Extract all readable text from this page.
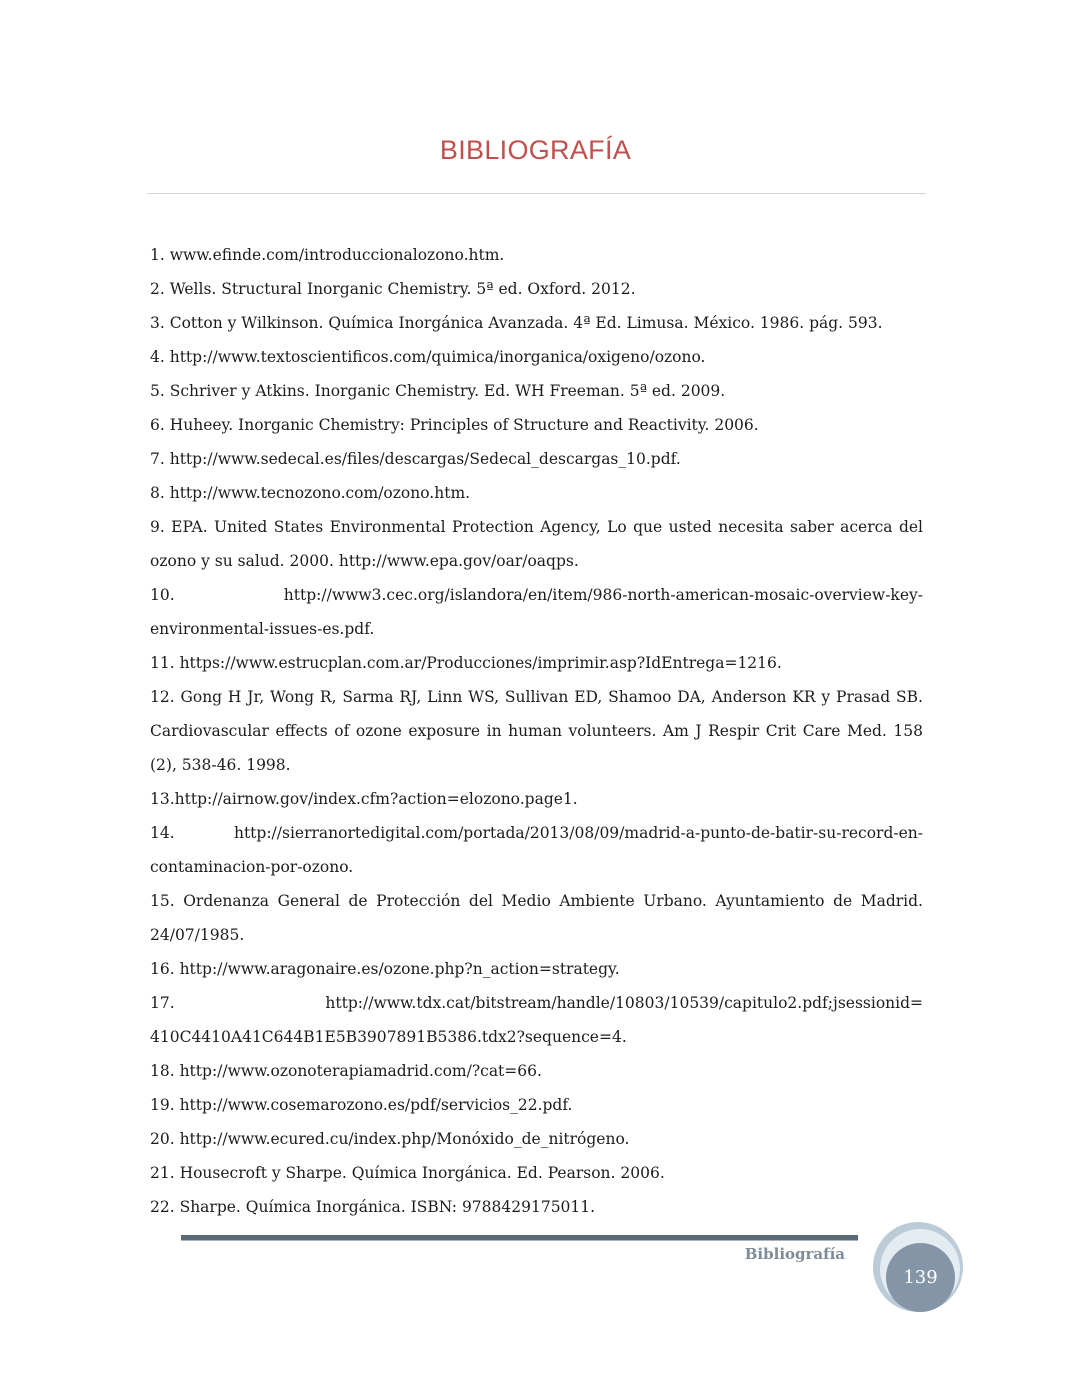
BIBLIOGRAFÍA
1. www.efinde.com/introduccionalozono.htm.
2. Wells. Structural Inorganic Chemistry. 5ª ed. Oxford. 2012.
3. Cotton y Wilkinson. Química Inorgánica Avanzada. 4ª Ed. Limusa. México. 1986. pág. 593.
4. http://www.textoscientificos.com/quimica/inorganica/oxigeno/ozono.
5. Schriver y Atkins. Inorganic Chemistry. Ed. WH Freeman. 5ª ed. 2009.
6. Huheey. Inorganic Chemistry: Principles of Structure and Reactivity. 2006.
7. http://www.sedecal.es/files/descargas/Sedecal_descargas_10.pdf.
8. http://www.tecnozono.com/ozono.htm.
9. EPA. United States Environmental Protection Agency, Lo que usted necesita saber acerca del ozono y su salud. 2000. http://www.epa.gov/oar/oaqps.
10. http://www3.cec.org/islandora/en/item/986-north-american-mosaic-overview-key-environmental-issues-es.pdf.
11. https://www.estrucplan.com.ar/Producciones/imprimir.asp?IdEntrega=1216.
12. Gong H Jr, Wong R, Sarma RJ, Linn WS, Sullivan ED, Shamoo DA, Anderson KR y Prasad SB. Cardiovascular effects of ozone exposure in human volunteers. Am J Respir Crit Care Med. 158 (2), 538-46. 1998.
13.http://airnow.gov/index.cfm?action=elozono.page1.
14. http://sierranortedigital.com/portada/2013/08/09/madrid-a-punto-de-batir-su-record-en-contaminacion-por-ozono.
15. Ordenanza General de Protección del Medio Ambiente Urbano. Ayuntamiento de Madrid. 24/07/1985.
16. http://www.aragonaire.es/ozone.php?n_action=strategy.
17. http://www.tdx.cat/bitstream/handle/10803/10539/capitulo2.pdf;jsessionid= 410C4410A41C644B1E5B3907891B5386.tdx2?sequence=4.
18. http://www.ozonoterapiamadrid.com/?cat=66.
19. http://www.cosemarozono.es/pdf/servicios_22.pdf.
20. http://www.ecured.cu/index.php/Monóxido_de_nitrógeno.
21. Housecroft y Sharpe. Química Inorgánica. Ed. Pearson. 2006.
22. Sharpe. Química Inorgánica. ISBN: 9788429175011.
Bibliografía
139
